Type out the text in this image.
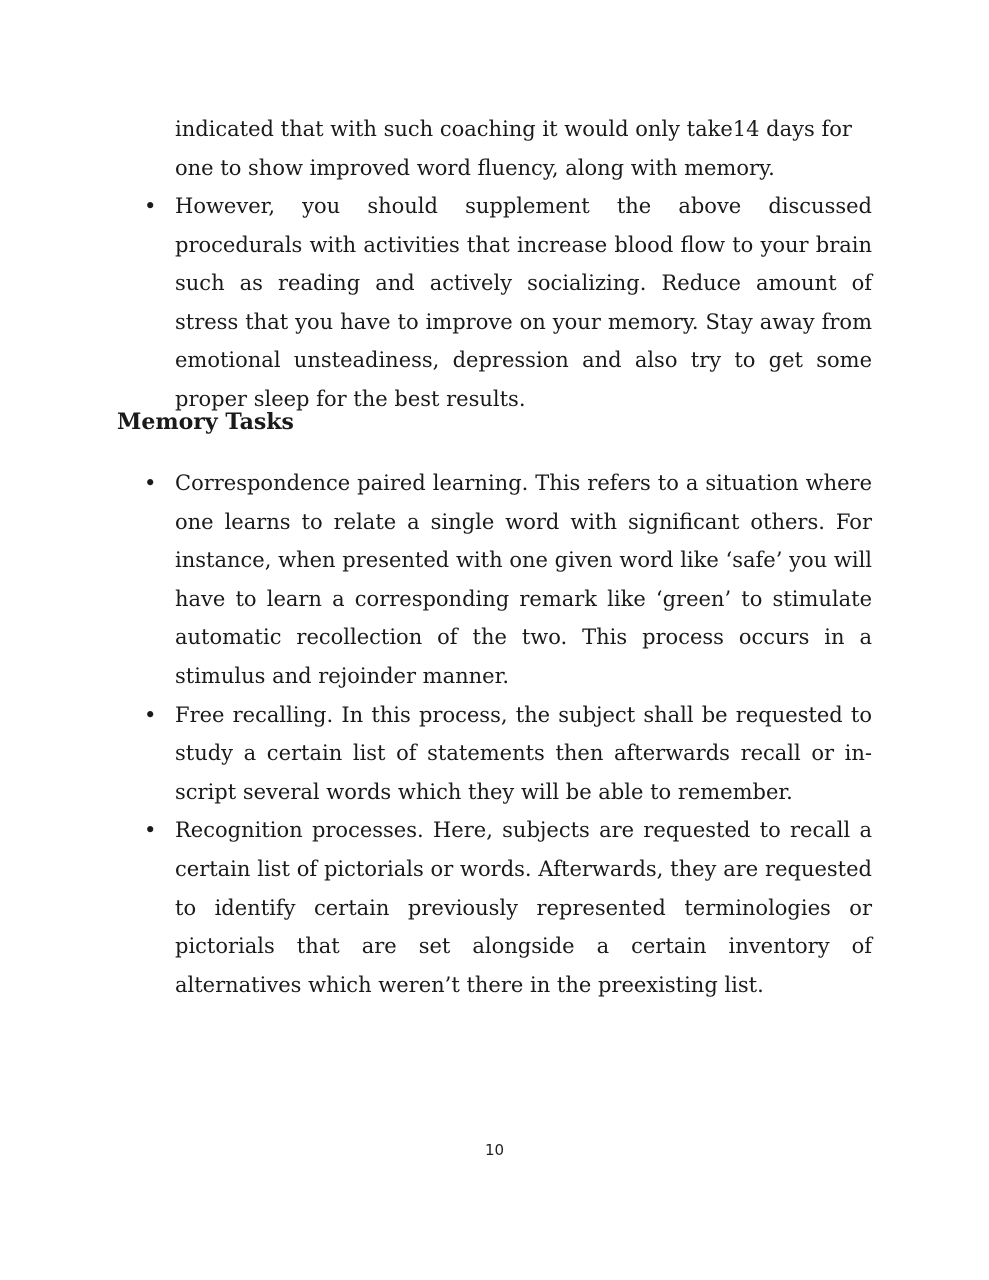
indicated that with such coaching it would only take14 days for one to show improved word fluency, along with memory.

• However, you should supplement the above discussed procedurals with activities that increase blood flow to your brain such as reading and actively socializing. Reduce amount of stress that you have to improve on your memory. Stay away from emotional unsteadiness, depression and also try to get some proper sleep for the best results.
Memory Tasks
• Correspondence paired learning. This refers to a situation where one learns to relate a single word with significant others. For instance, when presented with one given word like ‘safe’ you will have to learn a corresponding remark like ‘green’ to stimulate automatic recollection of the two. This process occurs in a stimulus and rejoinder manner.
• Free recalling. In this process, the subject shall be requested to study a certain list of statements then afterwards recall or in-script several words which they will be able to remember.
• Recognition processes. Here, subjects are requested to recall a certain list of pictorials or words. Afterwards, they are requested to identify certain previously represented terminologies or pictorials that are set alongside a certain inventory of alternatives which weren’t there in the preexisting list.
10
